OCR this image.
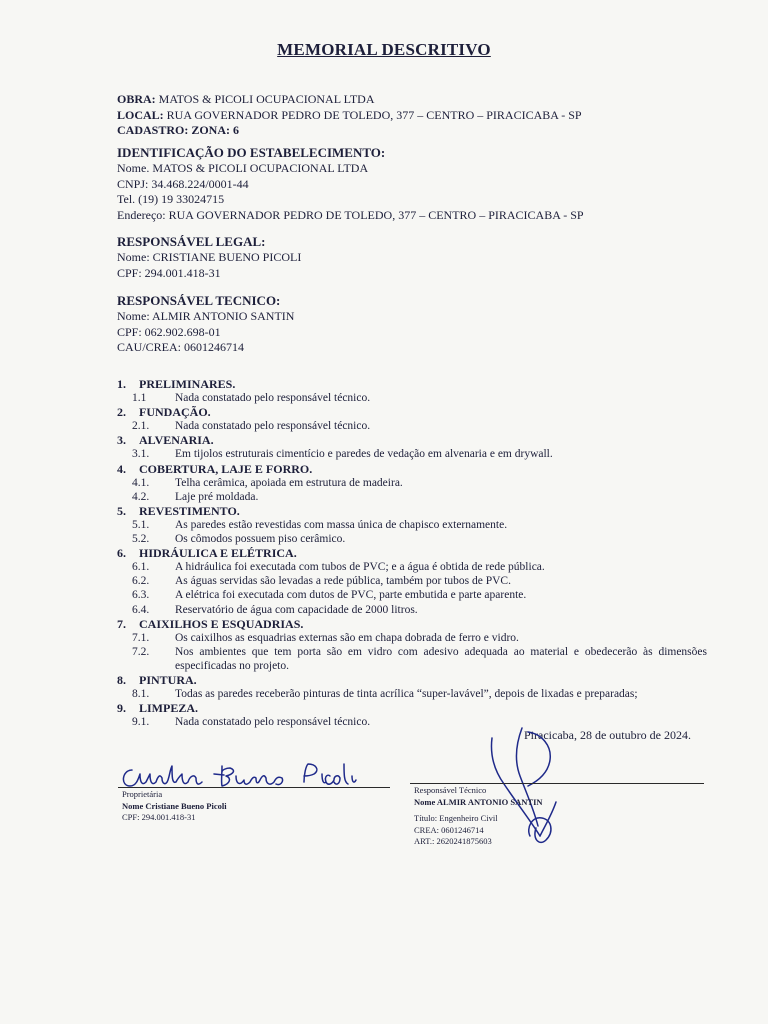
MEMORIAL DESCRITIVO
OBRA: MATOS & PICOLI OCUPACIONAL LTDA
LOCAL: RUA GOVERNADOR PEDRO DE TOLEDO, 377 – CENTRO – PIRACICABA - SP
CADASTRO: ZONA: 6
IDENTIFICAÇÃO DO ESTABELECIMENTO:
Nome. MATOS & PICOLI OCUPACIONAL LTDA
CNPJ: 34.468.224/0001-44
Tel. (19) 19 33024715
Endereço: RUA GOVERNADOR PEDRO DE TOLEDO, 377 – CENTRO – PIRACICABA - SP
RESPONSÁVEL LEGAL:
Nome: CRISTIANE BUENO PICOLI
CPF: 294.001.418-31
RESPONSÁVEL TECNICO:
Nome: ALMIR ANTONIO SANTIN
CPF: 062.902.698-01
CAU/CREA: 0601246714
1. PRELIMINARES.
1.1 Nada constatado pelo responsável técnico.
2. FUNDAÇÃO.
2.1. Nada constatado pelo responsável técnico.
3. ALVENARIA.
3.1. Em tijolos estruturais cimentício e paredes de vedação em alvenaria e em drywall.
4. COBERTURA, LAJE E FORRO.
4.1. Telha cerâmica, apoiada em estrutura de madeira.
4.2. Laje pré moldada.
5. REVESTIMENTO.
5.1. As paredes estão revestidas com massa única de chapisco externamente.
5.2. Os cômodos possuem piso cerâmico.
6. HIDRÁULICA E ELÉTRICA.
6.1. A hidráulica foi executada com tubos de PVC; e a água é obtida de rede pública.
6.2. As águas servidas são levadas a rede pública, também por tubos de PVC.
6.3. A elétrica foi executada com dutos de PVC, parte embutida e parte aparente.
6.4. Reservatório de água com capacidade de 2000 litros.
7. CAIXILHOS E ESQUADRIAS.
7.1. Os caixilhos as esquadrias externas são em chapa dobrada de ferro e vidro.
7.2. Nos ambientes que tem porta são em vidro com adesivo adequada ao material e obedecerão às dimensões especificadas no projeto.
8. PINTURA.
8.1. Todas as paredes receberão pinturas de tinta acrílica “super-lavável”, depois de lixadas e preparadas;
9. LIMPEZA.
9.1. Nada constatado pelo responsável técnico.
Piracicaba, 28 de outubro de 2024.
Proprietária
Nome Cristiane Bueno Picoli
CPF: 294.001.418-31
Responsável Técnico
Nome ALMIR ANTONIO SANTIN
Título: Engenheiro Civil
CREA: 0601246714
ART.: 2620241875603
